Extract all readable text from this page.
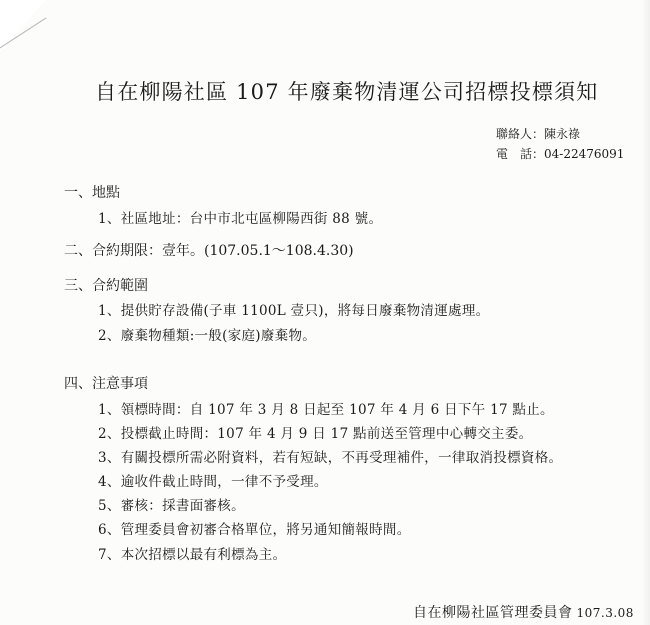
自在柳陽社區 107 年廢棄物清運公司招標投標須知
聯絡人：陳永祿
電　話：04-22476091
一、地點
1、社區地址：台中市北屯區柳陽西街 88 號。
二、合約期限：壹年。(107.05.1～108.4.30)
三、合約範圍
1、提供貯存設備(子車 1100L 壹只)，將每日廢棄物清運處理。
2、廢棄物種類:一般(家庭)廢棄物。
四、注意事項
1、領標時間：自 107 年 3 月 8 日起至 107 年 4 月 6 日下午 17 點止。
2、投標截止時間：107 年 4 月 9 日 17 點前送至管理中心轉交主委。
3、有關投標所需必附資料，若有短缺，不再受理補件，一律取消投標資格。
4、逾收件截止時間，一律不予受理。
5、審核：採書面審核。
6、管理委員會初審合格單位，將另通知簡報時間。
7、本次招標以最有利標為主。
自在柳陽社區管理委員會 107.3.08
